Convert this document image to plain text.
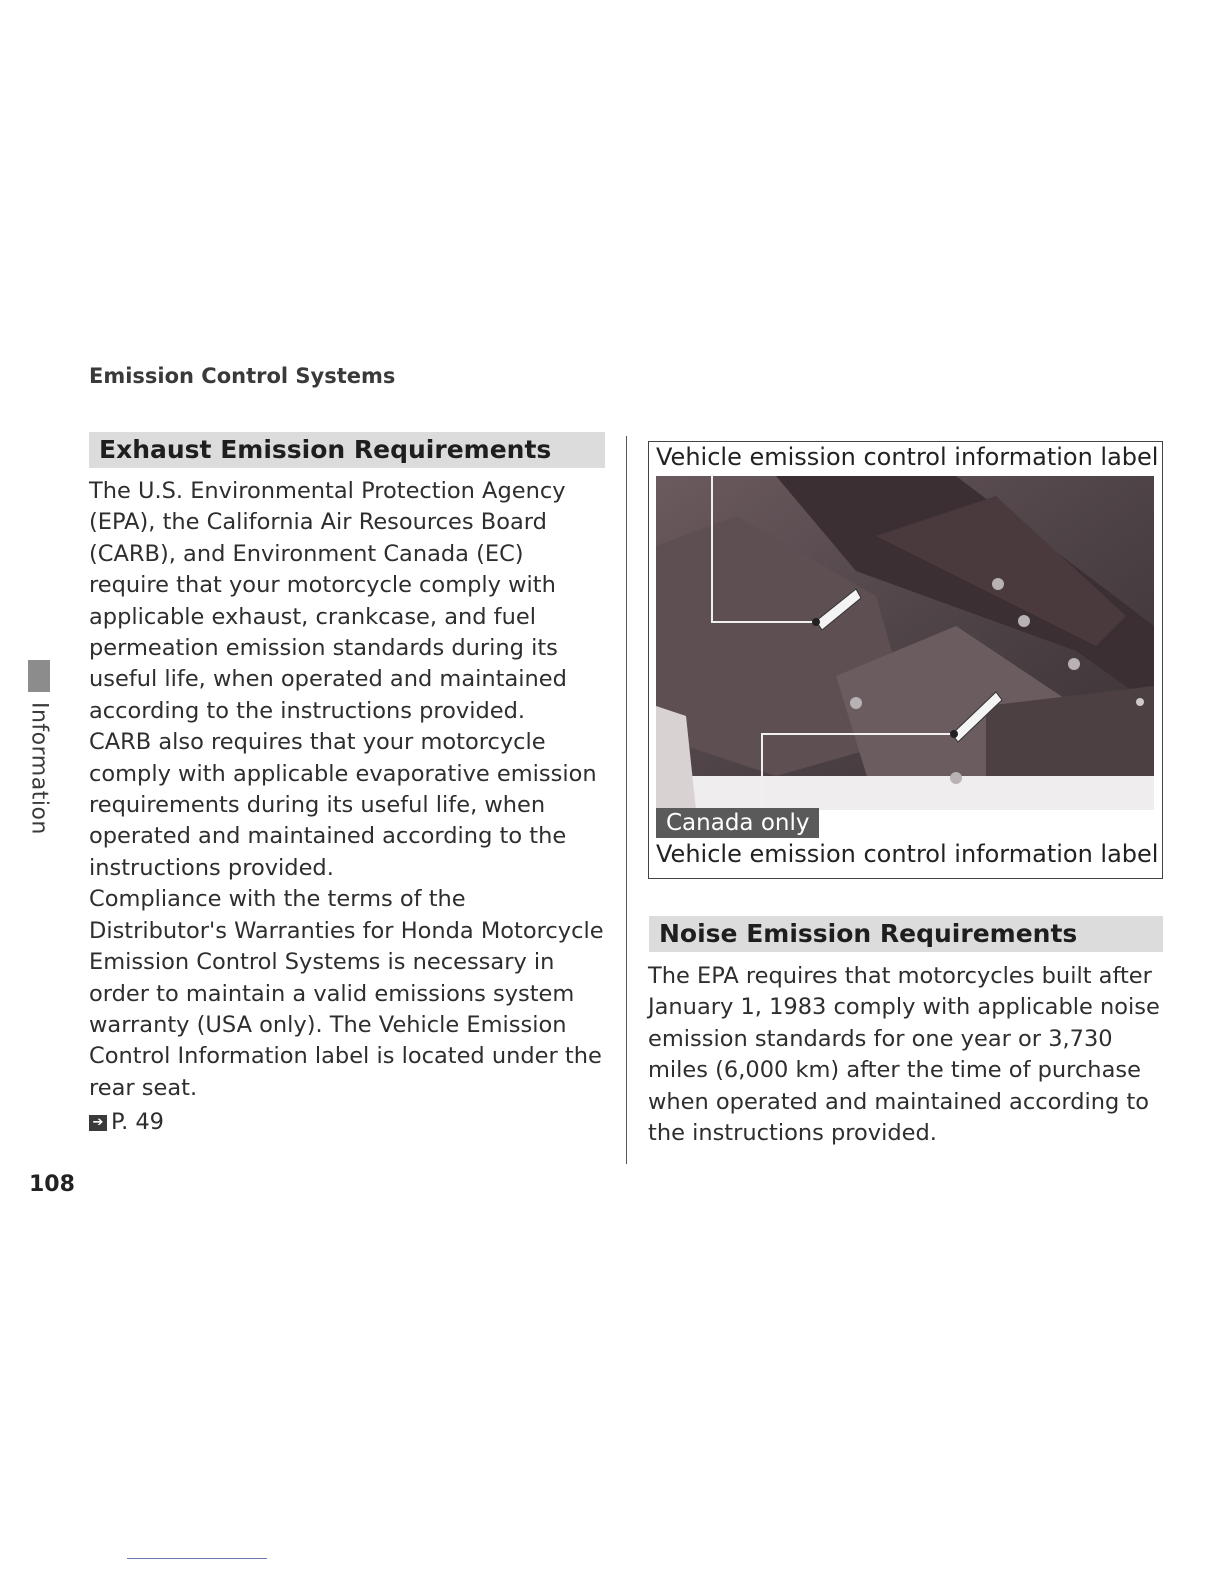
Emission Control Systems
Information
Exhaust Emission Requirements

The U.S. Environmental Protection Agency (EPA), the California Air Resources Board (CARB), and Environment Canada (EC) require that your motorcycle comply with applicable exhaust, crankcase, and fuel permeation emission standards during its useful life, when operated and maintained according to the instructions provided.

CARB also requires that your motorcycle comply with applicable evaporative emission requirements during its useful life, when operated and maintained according to the instructions provided.

Compliance with the terms of the Distributor's Warranties for Honda Motorcycle Emission Control Systems is necessary in order to maintain a valid emissions system warranty (USA only). The Vehicle Emission Control Information label is located under the rear seat.

➔ P. 49

Vehicle emission control information label
Canada only
Vehicle emission control information label
Noise Emission Requirements

The EPA requires that motorcycles built after January 1, 1983 comply with applicable noise emission standards for one year or 3,730 miles (6,000 km) after the time of purchase when operated and maintained according to the instructions provided.

108
